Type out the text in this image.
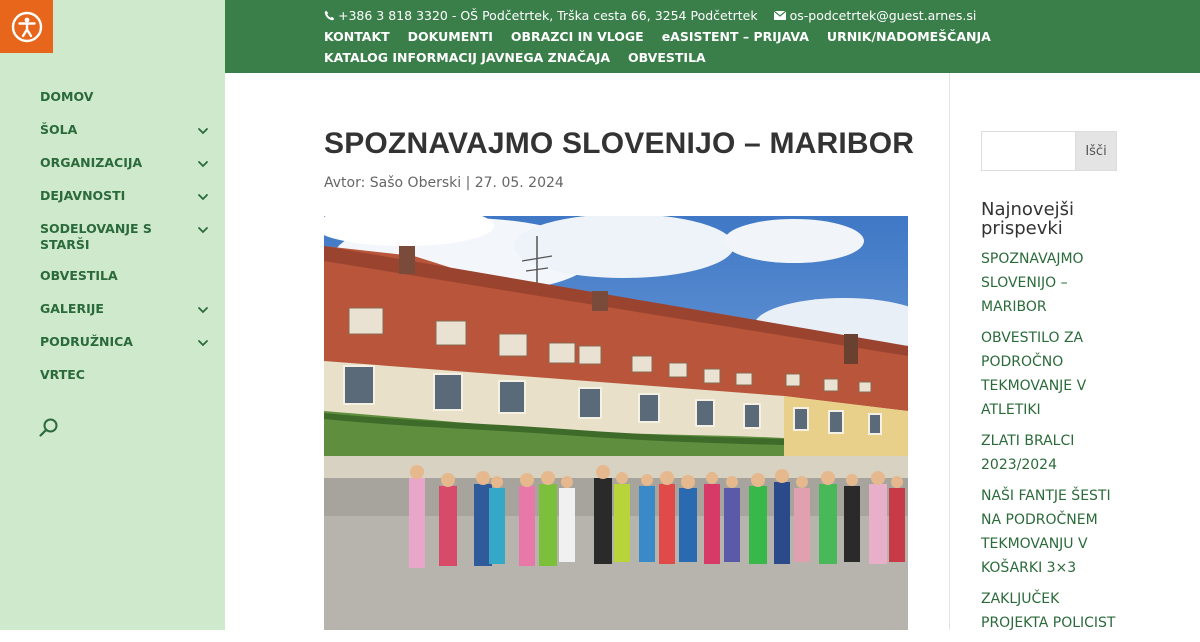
DOMOV
ŠOLA
ORGANIZACIJA
DEJAVNOSTI
SODELOVANJE S STARŠI
OBVESTILA
GALERIJE
PODRUŽNICA
VRTEC
+386 3 818 3320 - OŠ Podčetrtek, Trška cesta 66, 3254 Podčetrtek	os-podcetrtek@guest.arnes.si
KONTAKT DOKUMENTI OBRAZCI IN VLOGE eASISTENT – PRIJAVA URNIK/NADOMEŠČANJA
KATALOG INFORMACIJ JAVNEGA ZNAČAJA OBVESTILA
SPOZNAVAJMO SLOVENIJO – MARIBOR
Avtor: Sašo Oberski | 27. 05. 2024
Išči
Najnovejši prispevki
SPOZNAVAJMO SLOVENIJO – MARIBOR
OBVESTILO ZA PODROČNO TEKMOVANJE V ATLETIKI
ZLATI BRALCI 2023/2024
NAŠI FANTJE ŠESTI NA PODROČNEM TEKMOVANJU V KOŠARKI 3×3
ZAKLJUČEK PROJEKTA POLICIST
